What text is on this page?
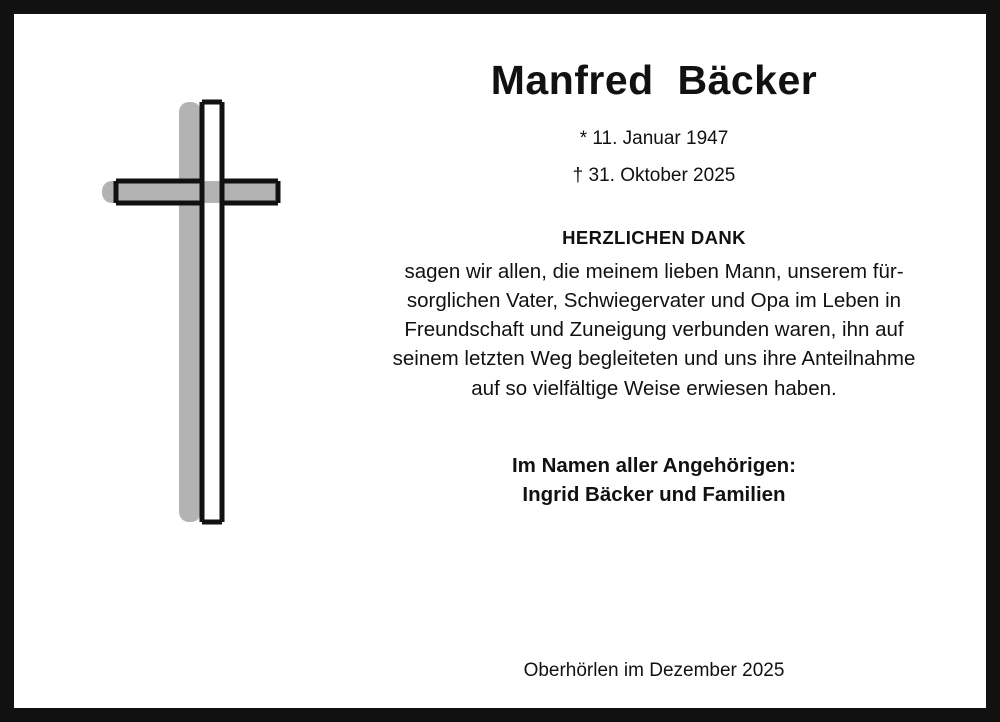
Manfred  Bäcker

* 11. Januar 1947

† 31. Oktober 2025

HERZLICHEN DANK

sagen wir allen, die meinem lieben Mann, unserem für-
sorglichen Vater, Schwiegervater und Opa im Leben in
Freundschaft und Zuneigung verbunden waren, ihn auf
seinem letzten Weg begleiteten und uns ihre Anteilnahme
auf so vielfältige Weise erwiesen haben.

Im Namen aller Angehörigen:

Ingrid Bäcker und Familien

Oberhörlen im Dezember 2025
